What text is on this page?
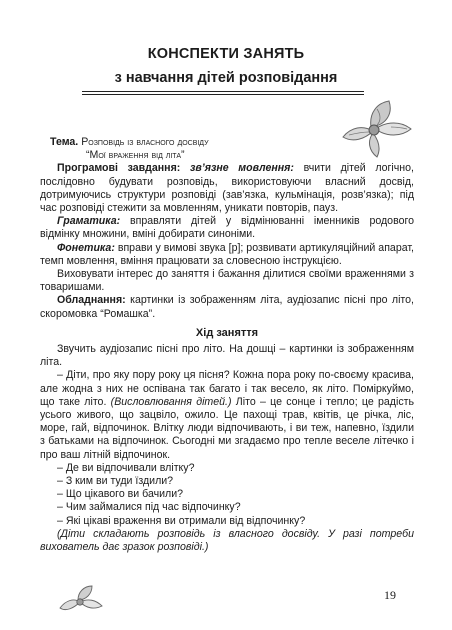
КОНСПЕКТИ ЗАНЯТЬ
з навчання дітей розповідання

Тема. Розповідь із власного досвіду

“Мої враження від літа”

Програмові завдання: зв’язне мовлення: вчити дітей логічно, послідовно будувати розповідь, використовуючи власний досвід, дотримуючись структури розповіді (зав’язка, кульмінація, розв’язка); під час розповіді стежити за мовленням, уникати повторів, пауз.

Граматика: вправляти дітей у відмінюванні іменників родового відмінку множини, вміні добирати синоніми.

Фонетика: вправи у вимові звука [р]; розвивати артикуляційний апарат, темп мовлення, вміння працювати за словесною інструкцією.

Виховувати інтерес до заняття і бажання ділитися своїми враженнями з товаришами.

Обладнання: картинки із зображенням літа, аудіозапис пісні про літо, скоромовка “Ромашка”.

Хід заняття

Звучить аудіозапис пісні про літо. На дошці – картинки із зображенням літа.

– Діти, про яку пору року ця пісня? Кожна пора року по-своєму красива, але жодна з них не оспівана так багато і так весело, як літо. Поміркуймо, що таке літо. (Висловлювання дітей.) Літо – це сонце і тепло; це радість усього живого, що зацвіло, ожило. Це пахощі трав, квітів, це річка, ліс, море, гай, відпочинок. Влітку люди відпочивають, і ви теж, напевно, їздили з батьками на відпочинок. Сьогодні ми згадаємо про тепле веселе літечко і про ваш літній відпочинок.

– Де ви відпочивали влітку?

– З ким ви туди їздили?

– Що цікавого ви бачили?

– Чим займалися під час відпочинку?

– Які цікаві враження ви отримали від відпочинку?

(Діти складають розповідь із власного досвіду. У разі потреби вихователь дає зразок розповіді.)

19
